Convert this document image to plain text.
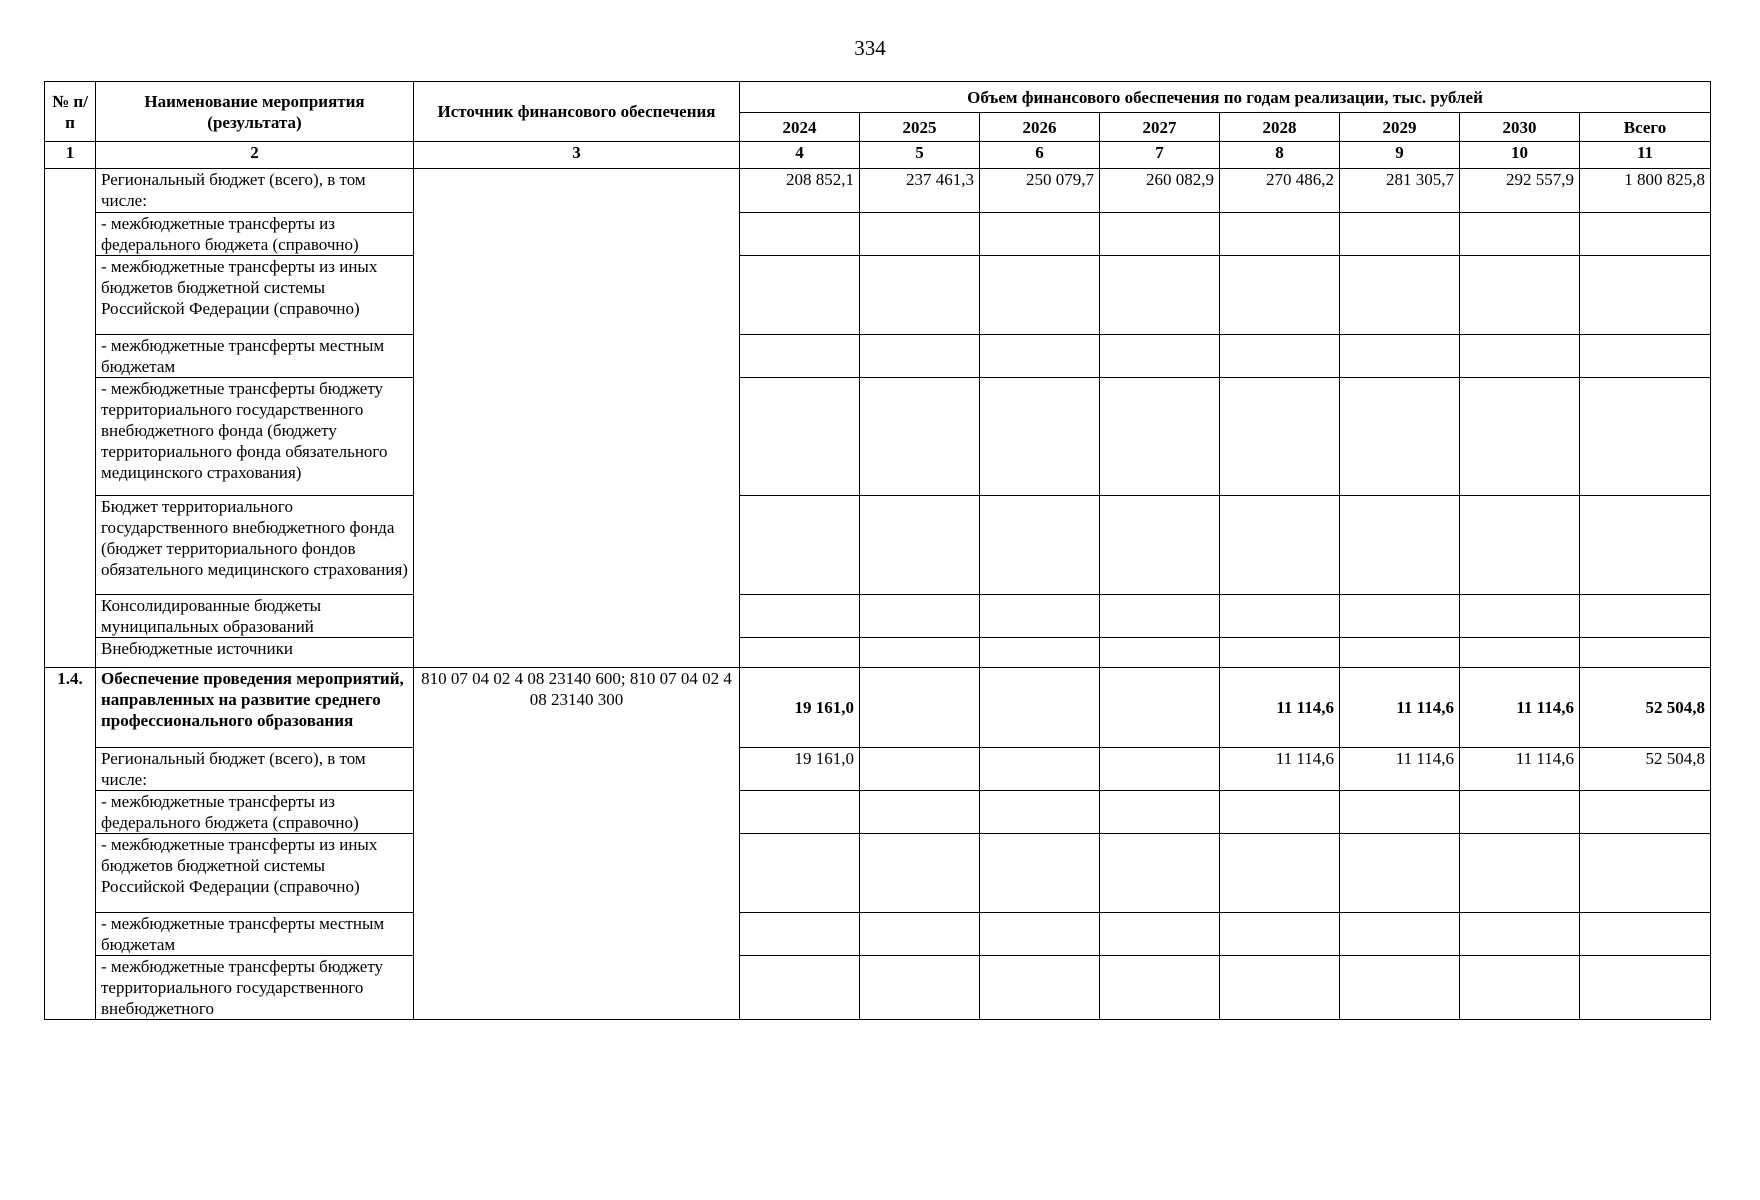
334
№ п/п	Наименование мероприятия (результата)	Источник финансового обеспечения	Объем финансового обеспечения по годам реализации, тыс. рублей							
			2024	2025	2026	2027	2028	2029	2030	Всего
1	2	3	4	5	6	7	8	9	10	11
	Региональный бюджет (всего), в том числе:		208 852,1	237 461,3	250 079,7	260 082,9	270 486,2	281 305,7	292 557,9	1 800 825,8
	- межбюджетные трансферты из федерального бюджета (справочно)									
	- межбюджетные трансферты из иных бюджетов бюджетной системы Российской Федерации (справочно)									
	- межбюджетные трансферты местным бюджетам									
	- межбюджетные трансферты бюджету территориального государственного внебюджетного фонда (бюджету территориального фонда обязательного медицинского страхования)									
	Бюджет территориального государственного внебюджетного фонда (бюджет территориального фондов обязательного медицинского страхования)									
	Консолидированные бюджеты муниципальных образований									
	Внебюджетные источники									
1.4.	Обеспечение проведения мероприятий, направленных на развитие среднего профессионального образования	810 07 04 02 4 08 23140 600; 810 07 04 02 4 08 23140 300	19 161,0				11 114,6	11 114,6	11 114,6	52 504,8
	Региональный бюджет (всего), в том числе:		19 161,0				11 114,6	11 114,6	11 114,6	52 504,8
	- межбюджетные трансферты из федерального бюджета (справочно)									
	- межбюджетные трансферты из иных бюджетов бюджетной системы Российской Федерации (справочно)									
	- межбюджетные трансферты местным бюджетам									
	- межбюджетные трансферты бюджету территориального государственного внебюджетного									
